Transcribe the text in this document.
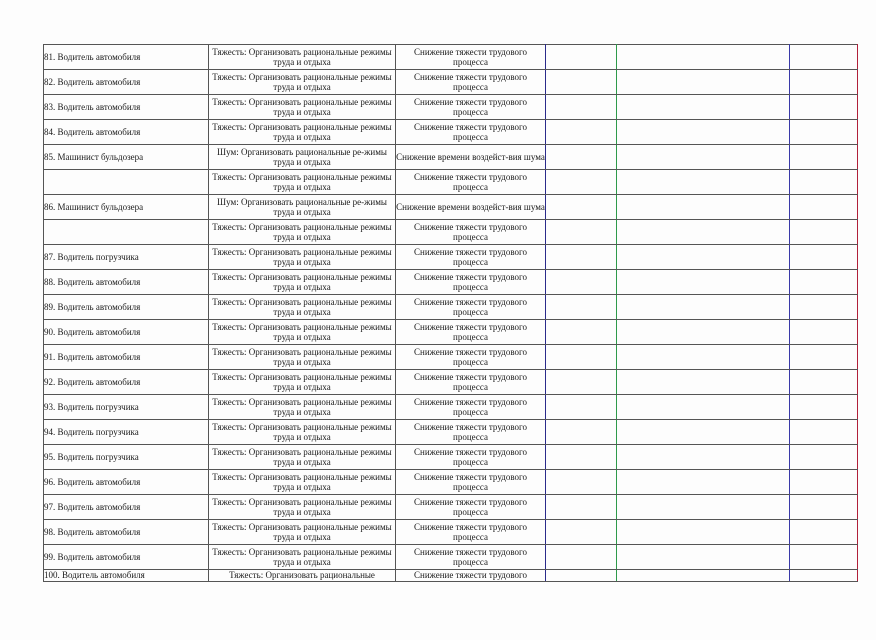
81. Водитель автомобиля	Тяжесть: Организовать рациональные режимы труда и отдыха	Снижение тяжести трудового процесса			
82. Водитель автомобиля	Тяжесть: Организовать рациональные режимы труда и отдыха	Снижение тяжести трудового процесса			
83. Водитель автомобиля	Тяжесть: Организовать рациональные режимы труда и отдыха	Снижение тяжести трудового процесса			
84. Водитель автомобиля	Тяжесть: Организовать рациональные режимы труда и отдыха	Снижение тяжести трудового процесса			
85. Машинист бульдозера	Шум: Организовать рациональные ре-жимы труда и отдыха	Снижение времени воздейст-вия шума			
	Тяжесть: Организовать рациональные режимы труда и отдыха	Снижение тяжести трудового процесса			
86. Машинист бульдозера	Шум: Организовать рациональные ре-жимы труда и отдыха	Снижение времени воздейст-вия шума			
	Тяжесть: Организовать рациональные режимы труда и отдыха	Снижение тяжести трудового процесса			
87. Водитель погрузчика	Тяжесть: Организовать рациональные режимы труда и отдыха	Снижение тяжести трудового процесса			
88. Водитель автомобиля	Тяжесть: Организовать рациональные режимы труда и отдыха	Снижение тяжести трудового процесса			
89. Водитель автомобиля	Тяжесть: Организовать рациональные режимы труда и отдыха	Снижение тяжести трудового процесса			
90. Водитель автомобиля	Тяжесть: Организовать рациональные режимы труда и отдыха	Снижение тяжести трудового процесса			
91. Водитель автомобиля	Тяжесть: Организовать рациональные режимы труда и отдыха	Снижение тяжести трудового процесса			
92. Водитель автомобиля	Тяжесть: Организовать рациональные режимы труда и отдыха	Снижение тяжести трудового процесса			
93. Водитель погрузчика	Тяжесть: Организовать рациональные режимы труда и отдыха	Снижение тяжести трудового процесса			
94. Водитель погрузчика	Тяжесть: Организовать рациональные режимы труда и отдыха	Снижение тяжести трудового процесса			
95. Водитель погрузчика	Тяжесть: Организовать рациональные режимы труда и отдыха	Снижение тяжести трудового процесса			
96. Водитель автомобиля	Тяжесть: Организовать рациональные режимы труда и отдыха	Снижение тяжести трудового процесса			
97. Водитель автомобиля	Тяжесть: Организовать рациональные режимы труда и отдыха	Снижение тяжести трудового процесса			
98. Водитель автомобиля	Тяжесть: Организовать рациональные режимы труда и отдыха	Снижение тяжести трудового процесса			
99. Водитель автомобиля	Тяжесть: Организовать рациональные режимы труда и отдыха	Снижение тяжести трудового процесса			
100. Водитель автомобиля	Тяжесть: Организовать рациональные	Снижение тяжести трудового			
